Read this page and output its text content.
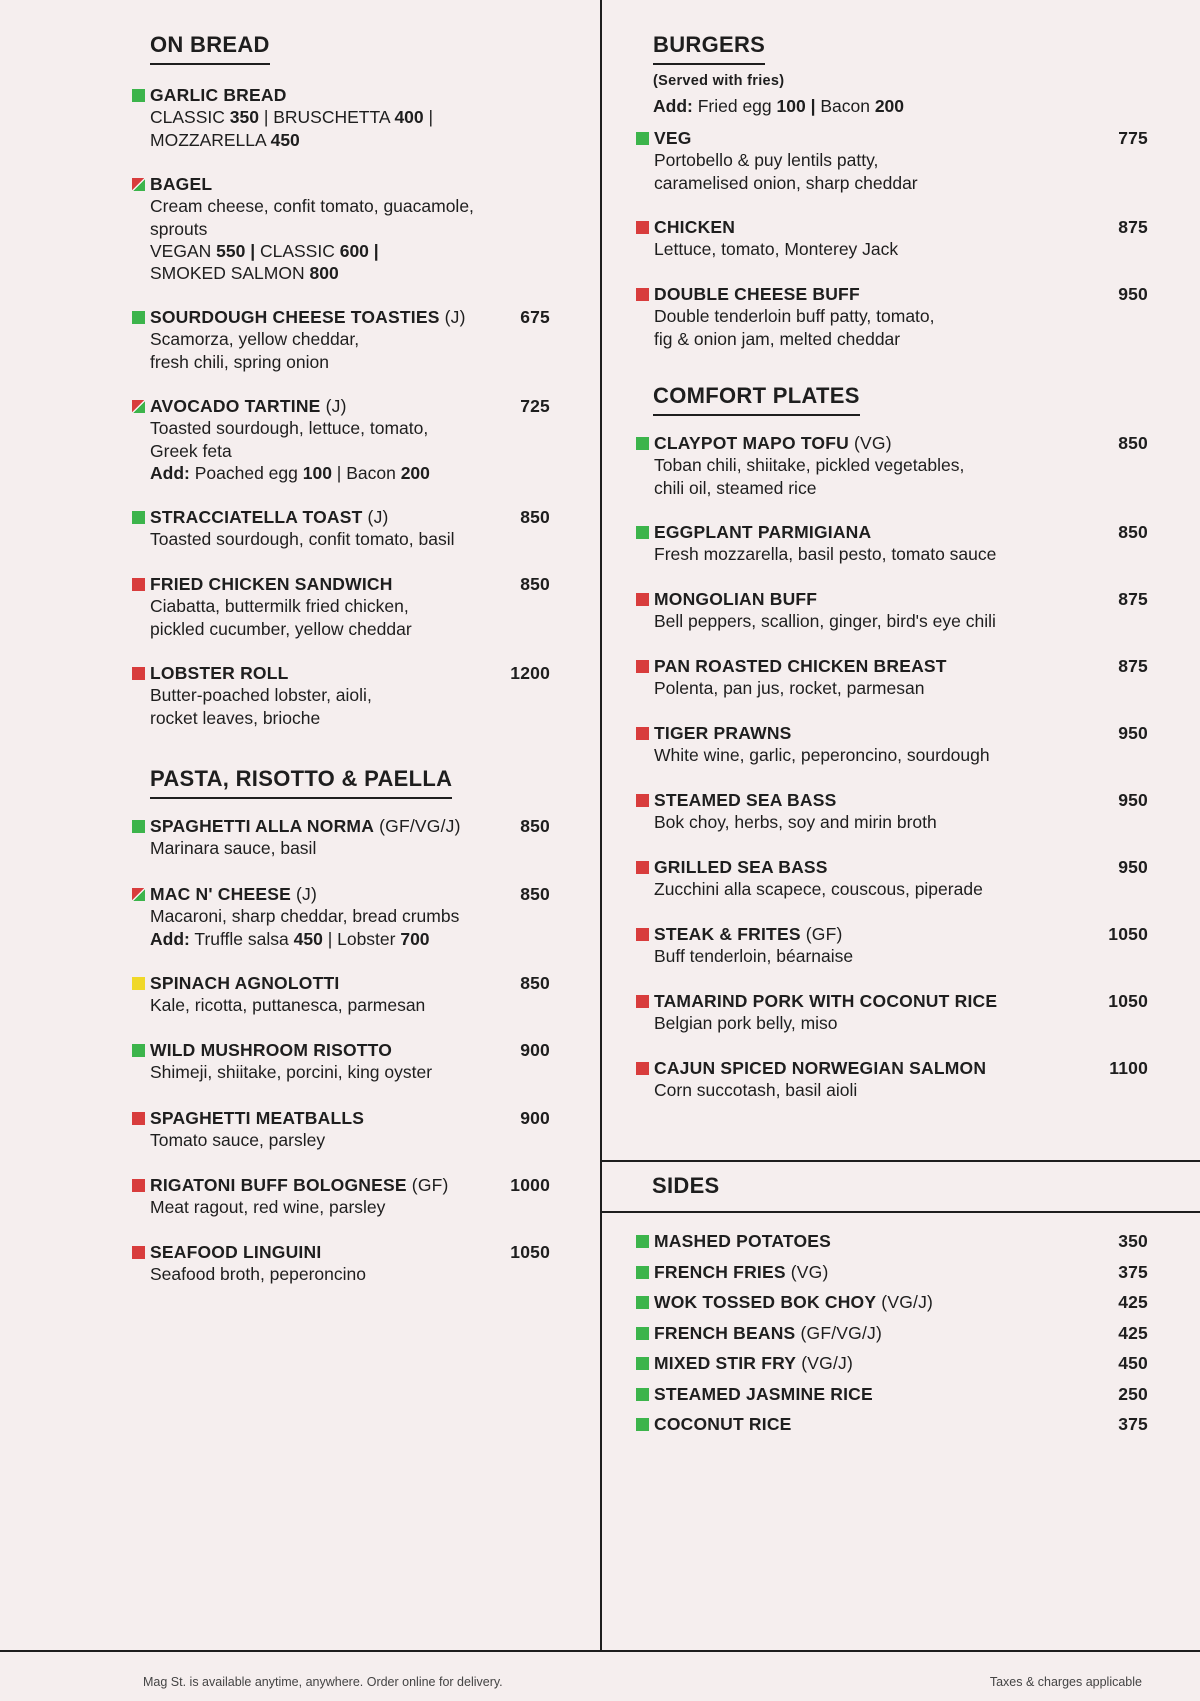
ON BREAD
GARLIC BREAD
CLASSIC 350 | BRUSCHETTA 400 |
MOZZARELLA 450
BAGEL
Cream cheese, confit tomato, guacamole,
sprouts
VEGAN 550 | CLASSIC 600 |
SMOKED SALMON 800
SOURDOUGH CHEESE TOASTIES (J)	675
Scamorza, yellow cheddar,
fresh chili, spring onion
AVOCADO TARTINE (J)	725
Toasted sourdough, lettuce, tomato,
Greek feta
Add: Poached egg 100 | Bacon 200
STRACCIATELLA TOAST (J)	850
Toasted sourdough, confit tomato, basil
FRIED CHICKEN SANDWICH	850
Ciabatta, buttermilk fried chicken,
pickled cucumber, yellow cheddar
LOBSTER ROLL	1200
Butter-poached lobster, aioli,
rocket leaves, brioche
PASTA, RISOTTO & PAELLA
SPAGHETTI ALLA NORMA (GF/VG/J)	850
Marinara sauce, basil
MAC N' CHEESE (J)	850
Macaroni, sharp cheddar, bread crumbs
Add: Truffle salsa 450 | Lobster 700
SPINACH AGNOLOTTI	850
Kale, ricotta, puttanesca, parmesan
WILD MUSHROOM RISOTTO	900
Shimeji, shiitake, porcini, king oyster
SPAGHETTI MEATBALLS	900
Tomato sauce, parsley
RIGATONI BUFF BOLOGNESE (GF)	1000
Meat ragout, red wine, parsley
SEAFOOD LINGUINI	1050
Seafood broth, peperoncino
BURGERS
(Served with fries)
Add: Fried egg 100 | Bacon 200
VEG	775
Portobello & puy lentils patty,
caramelised onion, sharp cheddar
CHICKEN	875
Lettuce, tomato, Monterey Jack
DOUBLE CHEESE BUFF	950
Double tenderloin buff patty, tomato,
fig & onion jam, melted cheddar
COMFORT PLATES
CLAYPOT MAPO TOFU (VG)	850
Toban chili, shiitake, pickled vegetables,
chili oil, steamed rice
EGGPLANT PARMIGIANA	850
Fresh mozzarella, basil pesto, tomato sauce
MONGOLIAN BUFF	875
Bell peppers, scallion, ginger, bird's eye chili
PAN ROASTED CHICKEN BREAST	875
Polenta, pan jus, rocket, parmesan
TIGER PRAWNS	950
White wine, garlic, peperoncino, sourdough
STEAMED SEA BASS	950
Bok choy, herbs, soy and mirin broth
GRILLED SEA BASS	950
Zucchini alla scapece, couscous, piperade
STEAK & FRITES (GF)	1050
Buff tenderloin, béarnaise
TAMARIND PORK WITH COCONUT RICE	1050
Belgian pork belly, miso
CAJUN SPICED NORWEGIAN SALMON	1100
Corn succotash, basil aioli
SIDES
MASHED POTATOES	350
FRENCH FRIES (VG)	375
WOK TOSSED BOK CHOY (VG/J)	425
FRENCH BEANS (GF/VG/J)	425
MIXED STIR FRY (VG/J)	450
STEAMED JASMINE RICE	250
COCONUT RICE	375
Mag St. is available anytime, anywhere. Order online for delivery.	Taxes & charges applicable
